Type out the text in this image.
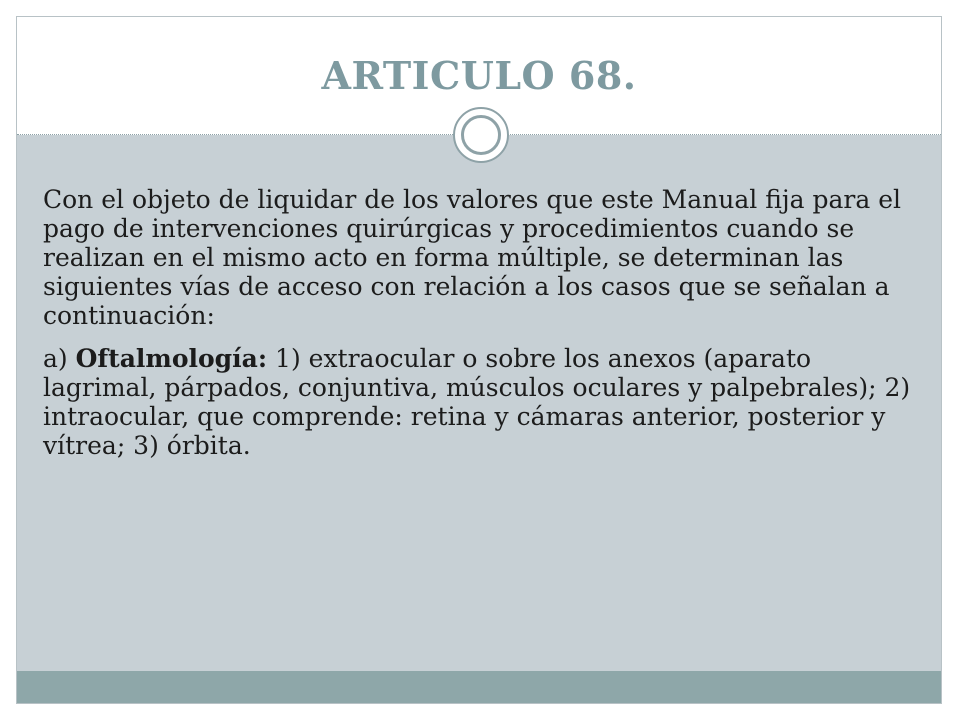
ARTICULO 68.

Con el objeto de liquidar de los valores que este Manual fija para el pago de intervenciones quirúrgicas y procedimientos cuando se realizan en el mismo acto en forma múltiple, se determinan las siguientes vías de acceso con relación a los casos que se señalan a continuación:

a) Oftalmología: 1) extraocular o sobre los anexos (aparato lagrimal, párpados, conjuntiva, músculos oculares y palpebrales); 2) intraocular, que comprende: retina y cámaras anterior, posterior y vítrea; 3) órbita.
